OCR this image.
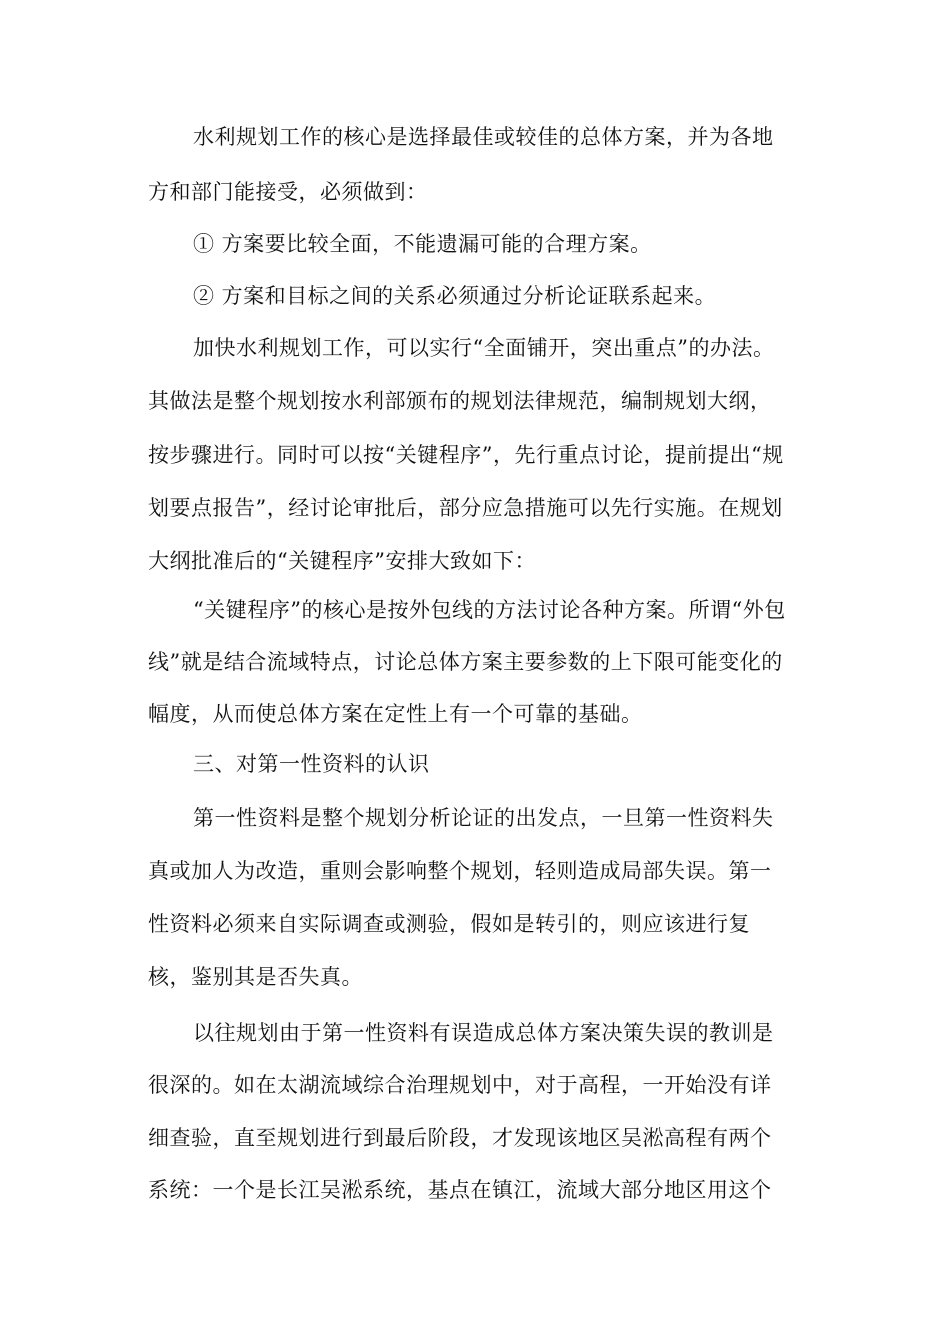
水利规划工作的核心是选择最佳或较佳的总体方案，并为各地
方和部门能接受，必须做到：
① 方案要比较全面，不能遗漏可能的合理方案。
② 方案和目标之间的关系必须通过分析论证联系起来。
加快水利规划工作，可以实行“全面铺开，突出重点”的办法。
其做法是整个规划按水利部颁布的规划法律规范，编制规划大纲，
按步骤进行。同时可以按“关键程序”，先行重点讨论，提前提出“规
划要点报告”，经讨论审批后，部分应急措施可以先行实施。在规划
大纲批准后的“关键程序”安排大致如下：
“关键程序”的核心是按外包线的方法讨论各种方案。所谓“外包
线”就是结合流域特点，讨论总体方案主要参数的上下限可能变化的
幅度，从而使总体方案在定性上有一个可靠的基础。
三、对第一性资料的认识
第一性资料是整个规划分析论证的出发点，一旦第一性资料失
真或加人为改造，重则会影响整个规划，轻则造成局部失误。第一
性资料必须来自实际调查或测验，假如是转引的，则应该进行复
核，鉴别其是否失真。
以往规划由于第一性资料有误造成总体方案决策失误的教训是
很深的。如在太湖流域综合治理规划中，对于高程，一开始没有详
细查验，直至规划进行到最后阶段，才发现该地区吴淞高程有两个
系统：一个是长江吴淞系统，基点在镇江，流域大部分地区用这个
